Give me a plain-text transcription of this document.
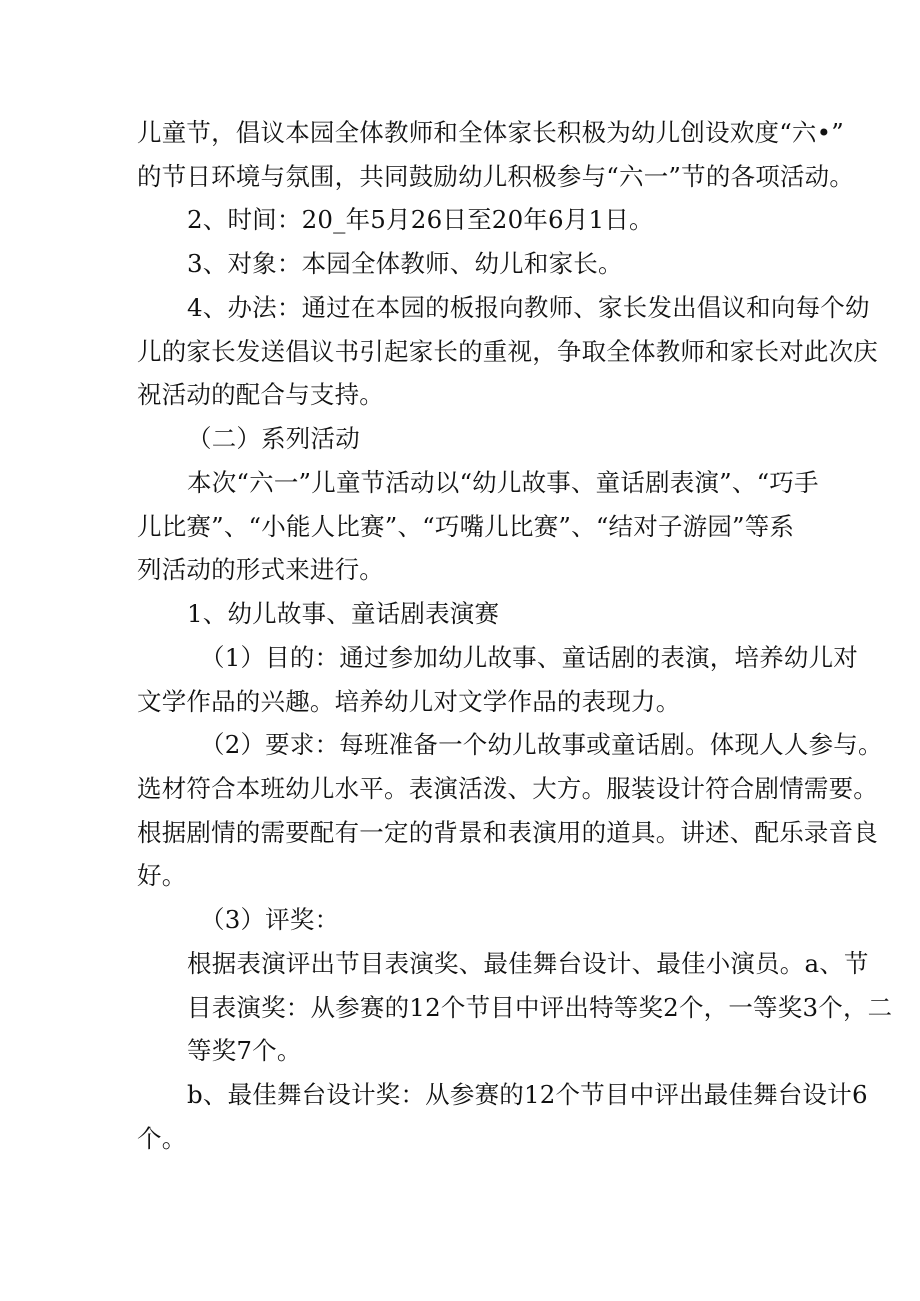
儿童节，倡议本园全体教师和全体家长积极为幼儿创设欢度“六•”
的节日环境与氛围，共同鼓励幼儿积极参与“六一”节的各项活动。
2、时间：20_年5月26日至20年6月1日。
3、对象：本园全体教师、幼儿和家长。
4、办法：通过在本园的板报向教师、家长发出倡议和向每个幼
儿的家长发送倡议书引起家长的重视，争取全体教师和家长对此次庆
祝活动的配合与支持。
（二）系列活动
本次“六一”儿童节活动以“幼儿故事、童话剧表演”、“巧手
儿比赛”、“小能人比赛”、“巧嘴儿比赛”、“结对子游园”等系
列活动的形式来进行。
1、幼儿故事、童话剧表演赛
（1）目的：通过参加幼儿故事、童话剧的表演，培养幼儿对
文学作品的兴趣。培养幼儿对文学作品的表现力。
（2）要求：每班准备一个幼儿故事或童话剧。体现人人参与。
选材符合本班幼儿水平。表演活泼、大方。服装设计符合剧情需要。
根据剧情的需要配有一定的背景和表演用的道具。讲述、配乐录音良
好。
（3）评奖：
根据表演评出节目表演奖、最佳舞台设计、最佳小演员。a、节
目表演奖：从参赛的12个节目中评出特等奖2个，一等奖3个，二
等奖7个。
b、最佳舞台设计奖：从参赛的12个节目中评出最佳舞台设计6
个。
